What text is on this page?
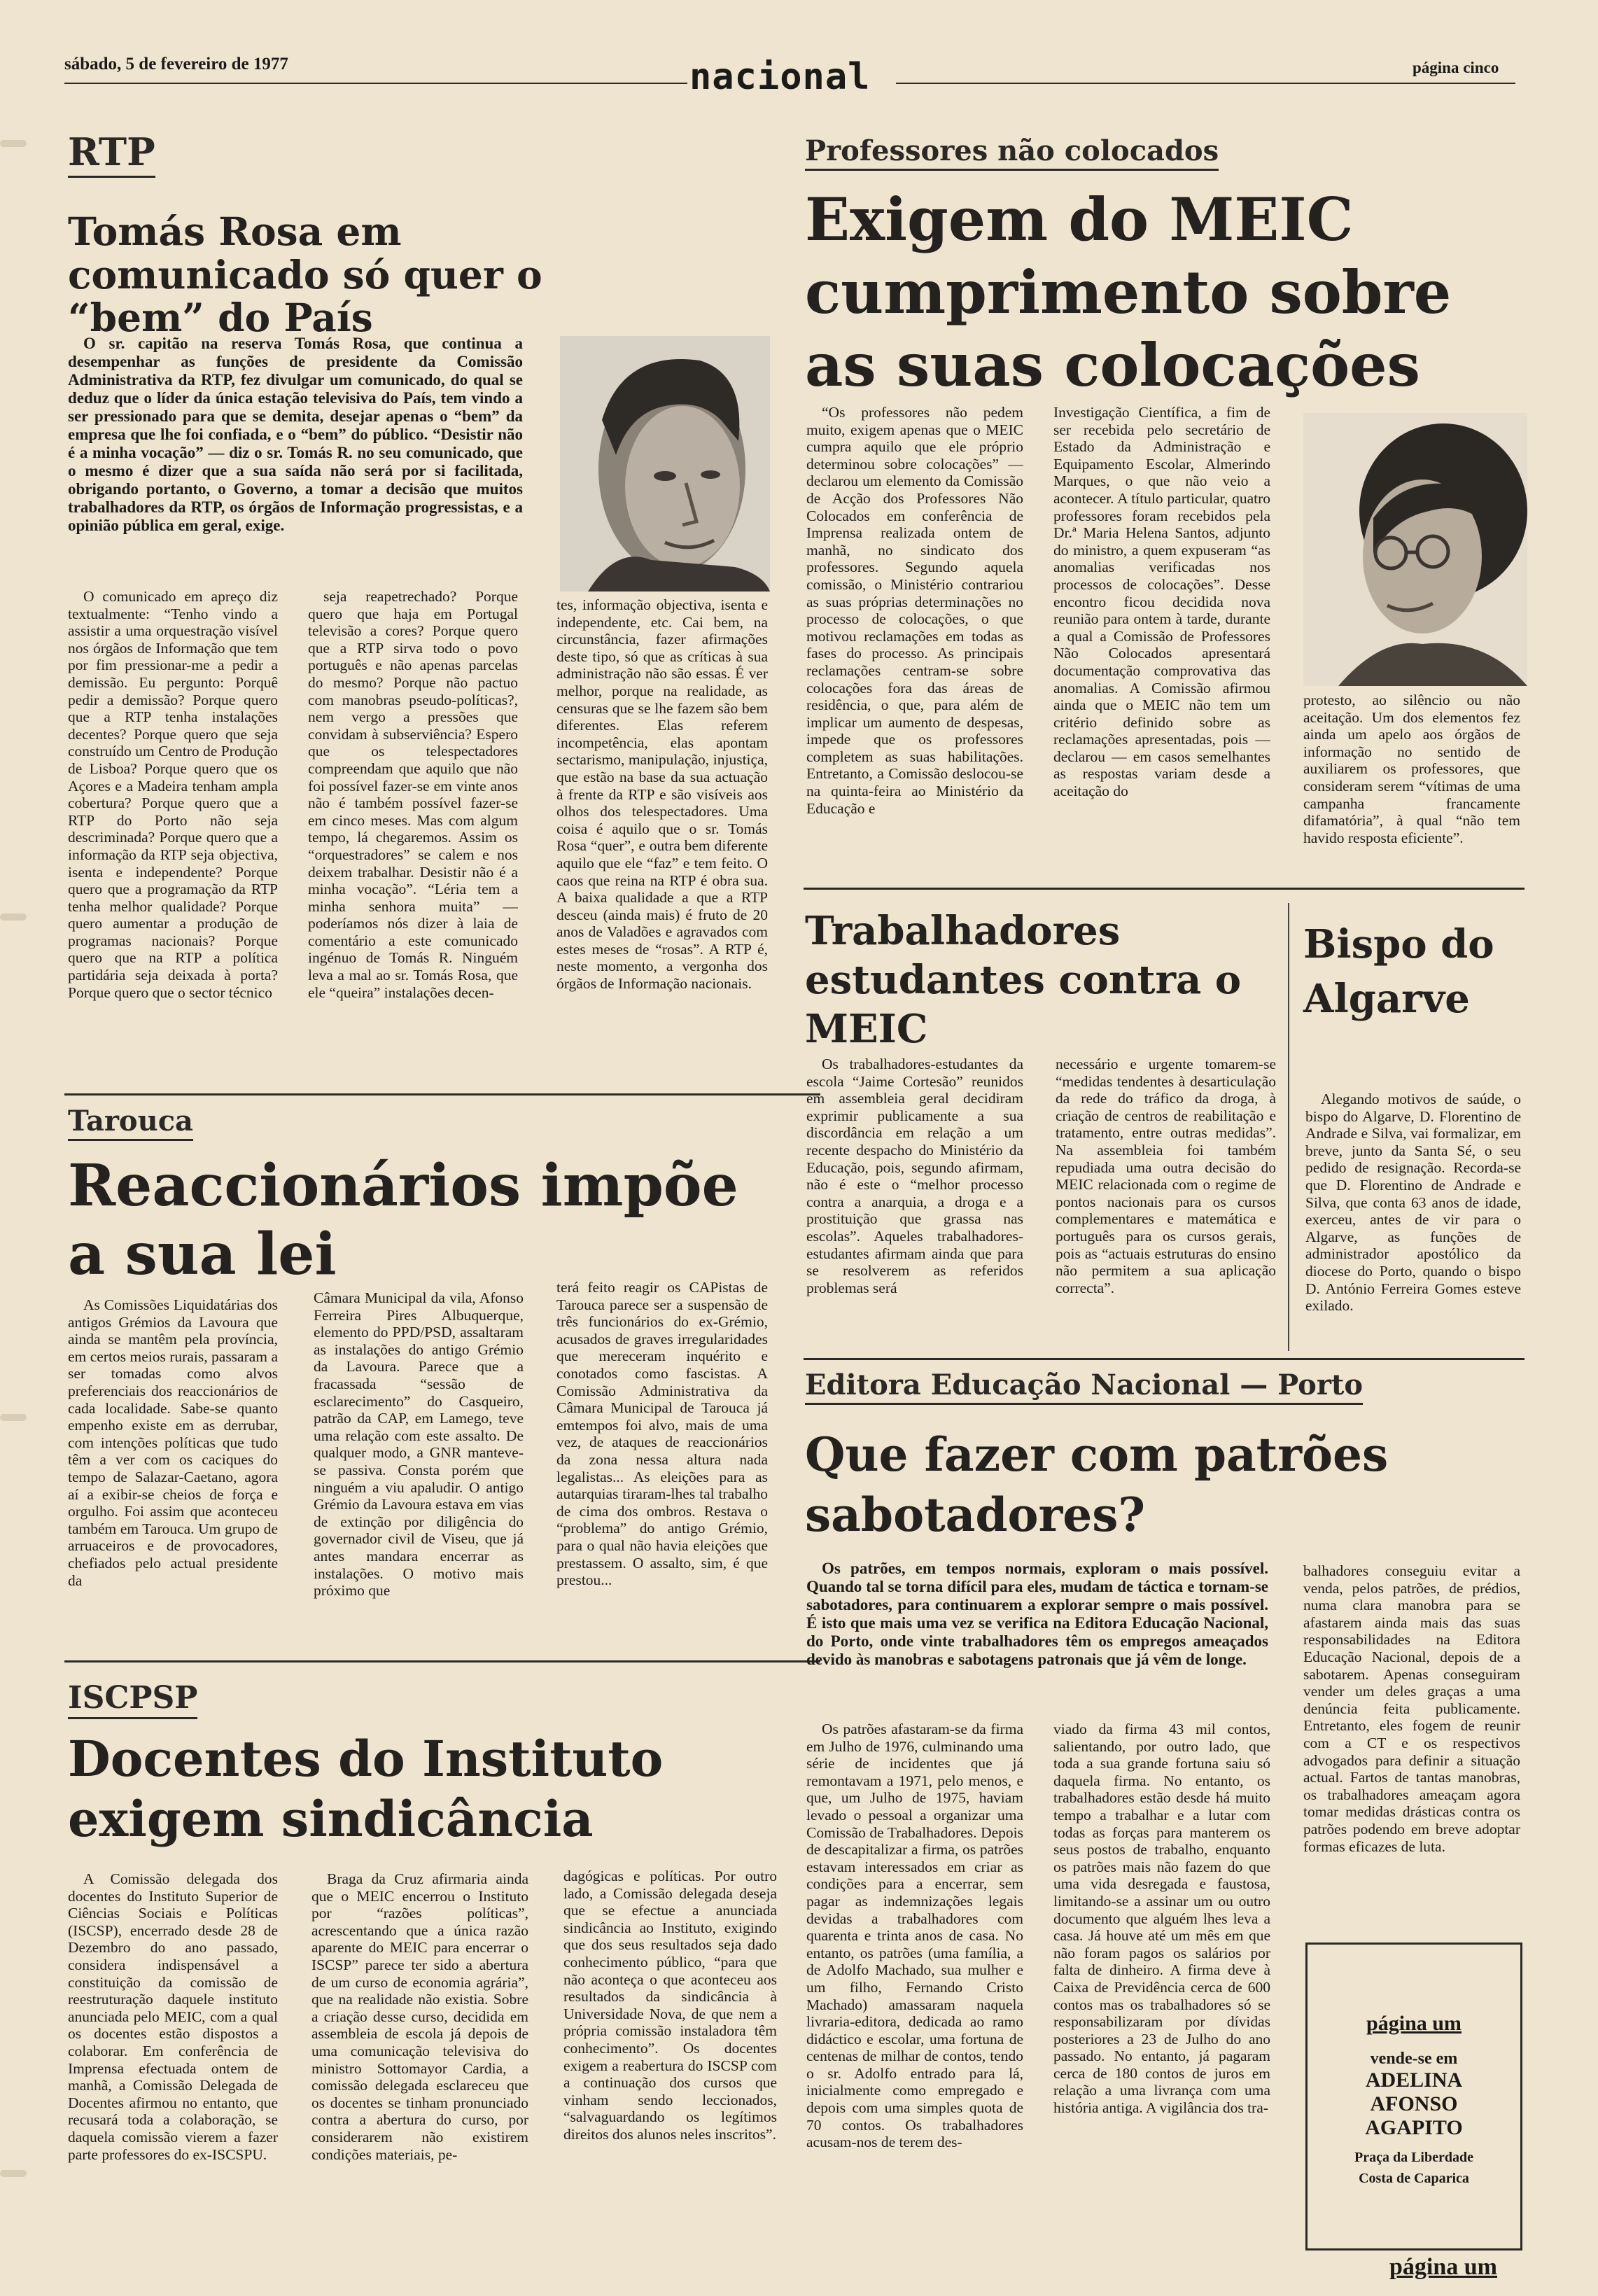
sábado, 5 de fevereiro de 1977	nacional	página cinco
RTP
Tomás Rosa em comunicado só quer o “bem” do País

O sr. capitão na reserva Tomás Rosa, que continua a desempenhar as funções de presidente da Comissão Administrativa da RTP, fez divulgar um comunicado, do qual se deduz que o líder da única estação televisiva do País, tem vindo a ser pressionado para que se demita, desejar apenas o “bem” da empresa que lhe foi confiada, e o “bem” do público. “Desistir não é a minha vocação” — diz o sr. Tomás R. no seu comunicado, que o mesmo é dizer que a sua saída não será por si facilitada, obrigando portanto, o Governo, a tomar a decisão que muitos trabalhadores da RTP, os órgãos de Informação progressistas, e a opinião pública em geral, exige.

O comunicado em apreço diz textualmente: “Tenho vindo a assistir a uma orquestração visível nos órgãos de Informação que tem por fim pressionar-me a pedir a demissão. Eu pergunto: Porquê pedir a demissão? Porque quero que a RTP tenha instalações decentes? Porque quero que seja construído um Centro de Produção de Lisboa? Porque quero que os Açores e a Madeira tenham ampla cobertura? Porque quero que a RTP do Porto não seja descriminada? Porque quero que a informação da RTP seja objectiva, isenta e independente? Porque quero que a programação da RTP tenha melhor qualidade? Porque quero aumentar a produção de programas nacionais? Porque quero que na RTP a política partidária seja deixada à porta? Porque quero que o sector técnico

seja reapetrechado? Porque quero que haja em Portugal televisão a cores? Porque quero que a RTP sirva todo o povo português e não apenas parcelas do mesmo? Porque não pactuo com manobras pseudo-políticas?, nem vergo a pressões que convidam à subserviência? Espero que os telespectadores compreendam que aquilo que não foi possível fazer-se em vinte anos não é também possível fazer-se em cinco meses. Mas com algum tempo, lá chegaremos. Assim os “orquestradores” se calem e nos deixem trabalhar. Desistir não é a minha vocação”. “Léria tem a minha senhora muita” — poderíamos nós dizer à laia de comentário a este comunicado ingénuo de Tomás R. Ninguém leva a mal ao sr. Tomás Rosa, que ele “queira” instalações decen-

tes, informação objectiva, isenta e independente, etc. Cai bem, na circunstância, fazer afirmações deste tipo, só que as críticas à sua administração não são essas. É ver melhor, porque na realidade, as censuras que se lhe fazem são bem diferentes. Elas referem incompetência, elas apontam sectarismo, manipulação, injustiça, que estão na base da sua actuação à frente da RTP e são visíveis aos olhos dos telespectadores. Uma coisa é aquilo que o sr. Tomás Rosa “quer”, e outra bem diferente aquilo que ele “faz” e tem feito. O caos que reina na RTP é obra sua. A baixa qualidade a que a RTP desceu (ainda mais) é fruto de 20 anos de Valadões e agravados com estes meses de “rosas”. A RTP é, neste momento, a vergonha dos órgãos de Informação nacionais.

Tarouca
Reaccionários impõe a sua lei

As Comissões Liquidatárias dos antigos Grémios da Lavoura que ainda se mantêm pela província, em certos meios rurais, passaram a ser tomadas como alvos preferenciais dos reaccionários de cada localidade. Sabe-se quanto empenho existe em as derrubar, com intenções políticas que tudo têm a ver com os caciques do tempo de Salazar-Caetano, agora aí a exibir-se cheios de força e orgulho. Foi assim que aconteceu também em Tarouca. Um grupo de arruaceiros e de provocadores, chefiados pelo actual presidente da

Câmara Municipal da vila, Afonso Ferreira Pires Albuquerque, elemento do PPD/PSD, assaltaram as instalações do antigo Grémio da Lavoura. Parece que a fracassada “sessão de esclarecimento” do Casqueiro, patrão da CAP, em Lamego, teve uma relação com este assalto. De qualquer modo, a GNR manteve-se passiva. Consta porém que ninguém a viu apaludir. O antigo Grémio da Lavoura estava em vias de extinção por diligência do governador civil de Viseu, que já antes mandara encerrar as instalações. O motivo mais próximo que

terá feito reagir os CAPistas de Tarouca parece ser a suspensão de três funcionários do ex-Grémio, acusados de graves irregularidades que mereceram inquérito e conotados como fascistas. A Comissão Administrativa da Câmara Municipal de Tarouca já emtempos foi alvo, mais de uma vez, de ataques de reaccionários da zona nessa altura nada legalistas... As eleições para as autarquias tiraram-lhes tal trabalho de cima dos ombros. Restava o “problema” do antigo Grémio, para o qual não havia eleições que prestassem. O assalto, sim, é que prestou...

ISCPSP
Docentes do Instituto exigem sindicância

A Comissão delegada dos docentes do Instituto Superior de Ciências Sociais e Políticas (ISCSP), encerrado desde 28 de Dezembro do ano passado, considera indispensável a constituição da comissão de reestruturação daquele instituto anunciada pelo MEIC, com a qual os docentes estão dispostos a colaborar. Em conferência de Imprensa efectuada ontem de manhã, a Comissão Delegada de Docentes afirmou no entanto, que recusará toda a colaboração, se daquela comissão vierem a fazer parte professores do ex-ISCSPU.

Braga da Cruz afirmaria ainda que o MEIC encerrou o Instituto por “razões políticas”, acrescentando que a única razão aparente do MEIC para encerrar o ISCSP” parece ter sido a abertura de um curso de economia agrária”, que na realidade não existia. Sobre a criação desse curso, decidida em assembleia de escola já depois de uma comunicação televisiva do ministro Sottomayor Cardia, a comissão delegada esclareceu que os docentes se tinham pronunciado contra a abertura do curso, por considerarem não existirem condições materiais, pe-

dagógicas e políticas. Por outro lado, a Comissão delegada deseja que se efectue a anunciada sindicância ao Instituto, exigindo que dos seus resultados seja dado conhecimento público, “para que não aconteça o que aconteceu aos resultados da sindicância à Universidade Nova, de que nem a própria comissão instaladora têm conhecimento”. Os docentes exigem a reabertura do ISCSP com a continuação dos cursos que vinham sendo leccionados, “salvaguardando os legítimos direitos dos alunos neles inscritos”.

Professores não colocados
Exigem do MEIC cumprimento sobre as suas colocações

“Os professores não pedem muito, exigem apenas que o MEIC cumpra aquilo que ele próprio determinou sobre colocações” — declarou um elemento da Comissão de Acção dos Professores Não Colocados em conferência de Imprensa realizada ontem de manhã, no sindicato dos professores. Segundo aquela comissão, o Ministério contrariou as suas próprias determinações no processo de colocações, o que motivou reclamações em todas as fases do processo. As principais reclamações centram-se sobre colocações fora das áreas de residência, o que, para além de implicar um aumento de despesas, impede que os professores completem as suas habilitações. Entretanto, a Comissão deslocou-se na quinta-feira ao Ministério da Educação e

Investigação Científica, a fim de ser recebida pelo secretário de Estado da Administração e Equipamento Escolar, Almerindo Marques, o que não veio a acontecer. A título particular, quatro professores foram recebidos pela Dr.ª Maria Helena Santos, adjunto do ministro, a quem expuseram “as anomalias verificadas nos processos de colocações”. Desse encontro ficou decidida nova reunião para ontem à tarde, durante a qual a Comissão de Professores Não Colocados apresentará documentação comprovativa das anomalias. A Comissão afirmou ainda que o MEIC não tem um critério definido sobre as reclamações apresentadas, pois — declarou — em casos semelhantes as respostas variam desde a aceitação do

protesto, ao silêncio ou não aceitação. Um dos elementos fez ainda um apelo aos órgãos de informação no sentido de auxiliarem os professores, que consideram serem “vítimas de uma campanha francamente difamatória”, à qual “não tem havido resposta eficiente”.

Trabalhadores estudantes contra o MEIC

Os trabalhadores-estudantes da escola “Jaime Cortesão” reunidos em assembleia geral decidiram exprimir publicamente a sua discordância em relação a um recente despacho do Ministério da Educação, pois, segundo afirmam, não é este o “melhor processo contra a anarquia, a droga e a prostituição que grassa nas escolas”. Aqueles trabalhadores-estudantes afirmam ainda que para se resolverem as referidos problemas será

necessário e urgente tomarem-se “medidas tendentes à desarticulação da rede do tráfico da droga, à criação de centros de reabilitação e tratamento, entre outras medidas”. Na assembleia foi também repudiada uma outra decisão do MEIC relacionada com o regime de pontos nacionais para os cursos complementares e matemática e português para os cursos gerais, pois as “actuais estruturas do ensino não permitem a sua aplicação correcta”.

Bispo do Algarve

Alegando motivos de saúde, o bispo do Algarve, D. Florentino de Andrade e Silva, vai formalizar, em breve, junto da Santa Sé, o seu pedido de resignação. Recorda-se que D. Florentino de Andrade e Silva, que conta 63 anos de idade, exerceu, antes de vir para o Algarve, as funções de administrador apostólico da diocese do Porto, quando o bispo D. António Ferreira Gomes esteve exilado.

Editora Educação Nacional — Porto
Que fazer com patrões sabotadores?

Os patrões, em tempos normais, exploram o mais possível. Quando tal se torna difícil para eles, mudam de táctica e tornam-se sabotadores, para continuarem a explorar sempre o mais possível. É isto que mais uma vez se verifica na Editora Educação Nacional, do Porto, onde vinte trabalhadores têm os empregos ameaçados devido às manobras e sabotagens patronais que já vêm de longe.

Os patrões afastaram-se da firma em Julho de 1976, culminando uma série de incidentes que já remontavam a 1971, pelo menos, e que, um Julho de 1975, haviam levado o pessoal a organizar uma Comissão de Trabalhadores. Depois de descapitalizar a firma, os patrões estavam interessados em criar as condições para a encerrar, sem pagar as indemnizações legais devidas a trabalhadores com quarenta e trinta anos de casa. No entanto, os patrões (uma família, a de Adolfo Machado, sua mulher e um filho, Fernando Cristo Machado) amassaram naquela livraria-editora, dedicada ao ramo didáctico e escolar, uma fortuna de centenas de milhar de contos, tendo o sr. Adolfo entrado para lá, inicialmente como empregado e depois com uma simples quota de 70 contos. Os trabalhadores acusam-nos de terem des-

viado da firma 43 mil contos, salientando, por outro lado, que toda a sua grande fortuna saiu só daquela firma. No entanto, os trabalhadores estão desde há muito tempo a trabalhar e a lutar com todas as forças para manterem os seus postos de trabalho, enquanto os patrões mais não fazem do que uma vida desregada e faustosa, limitando-se a assinar um ou outro documento que alguém lhes leva a casa. Já houve até um mês em que não foram pagos os salários por falta de dinheiro. A firma deve à Caixa de Previdência cerca de 600 contos mas os trabalhadores só se responsabilizaram por dívidas posteriores a 23 de Julho do ano passado. No entanto, já pagaram cerca de 180 contos de juros em relação a uma livrança com uma história antiga. A vigilância dos tra-

balhadores conseguiu evitar a venda, pelos patrões, de prédios, numa clara manobra para se afastarem ainda mais das suas responsabilidades na Editora Educação Nacional, depois de a sabotarem. Apenas conseguiram vender um deles graças a uma denúncia feita publicamente. Entretanto, eles fogem de reunir com a CT e os respectivos advogados para definir a situação actual. Fartos de tantas manobras, os trabalhadores ameaçam agora tomar medidas drásticas contra os patrões podendo em breve adoptar formas eficazes de luta.

página um
vende-se em
ADELINA
AFONSO
AGAPITO
Praça da Liberdade
Costa de Caparica
página um
